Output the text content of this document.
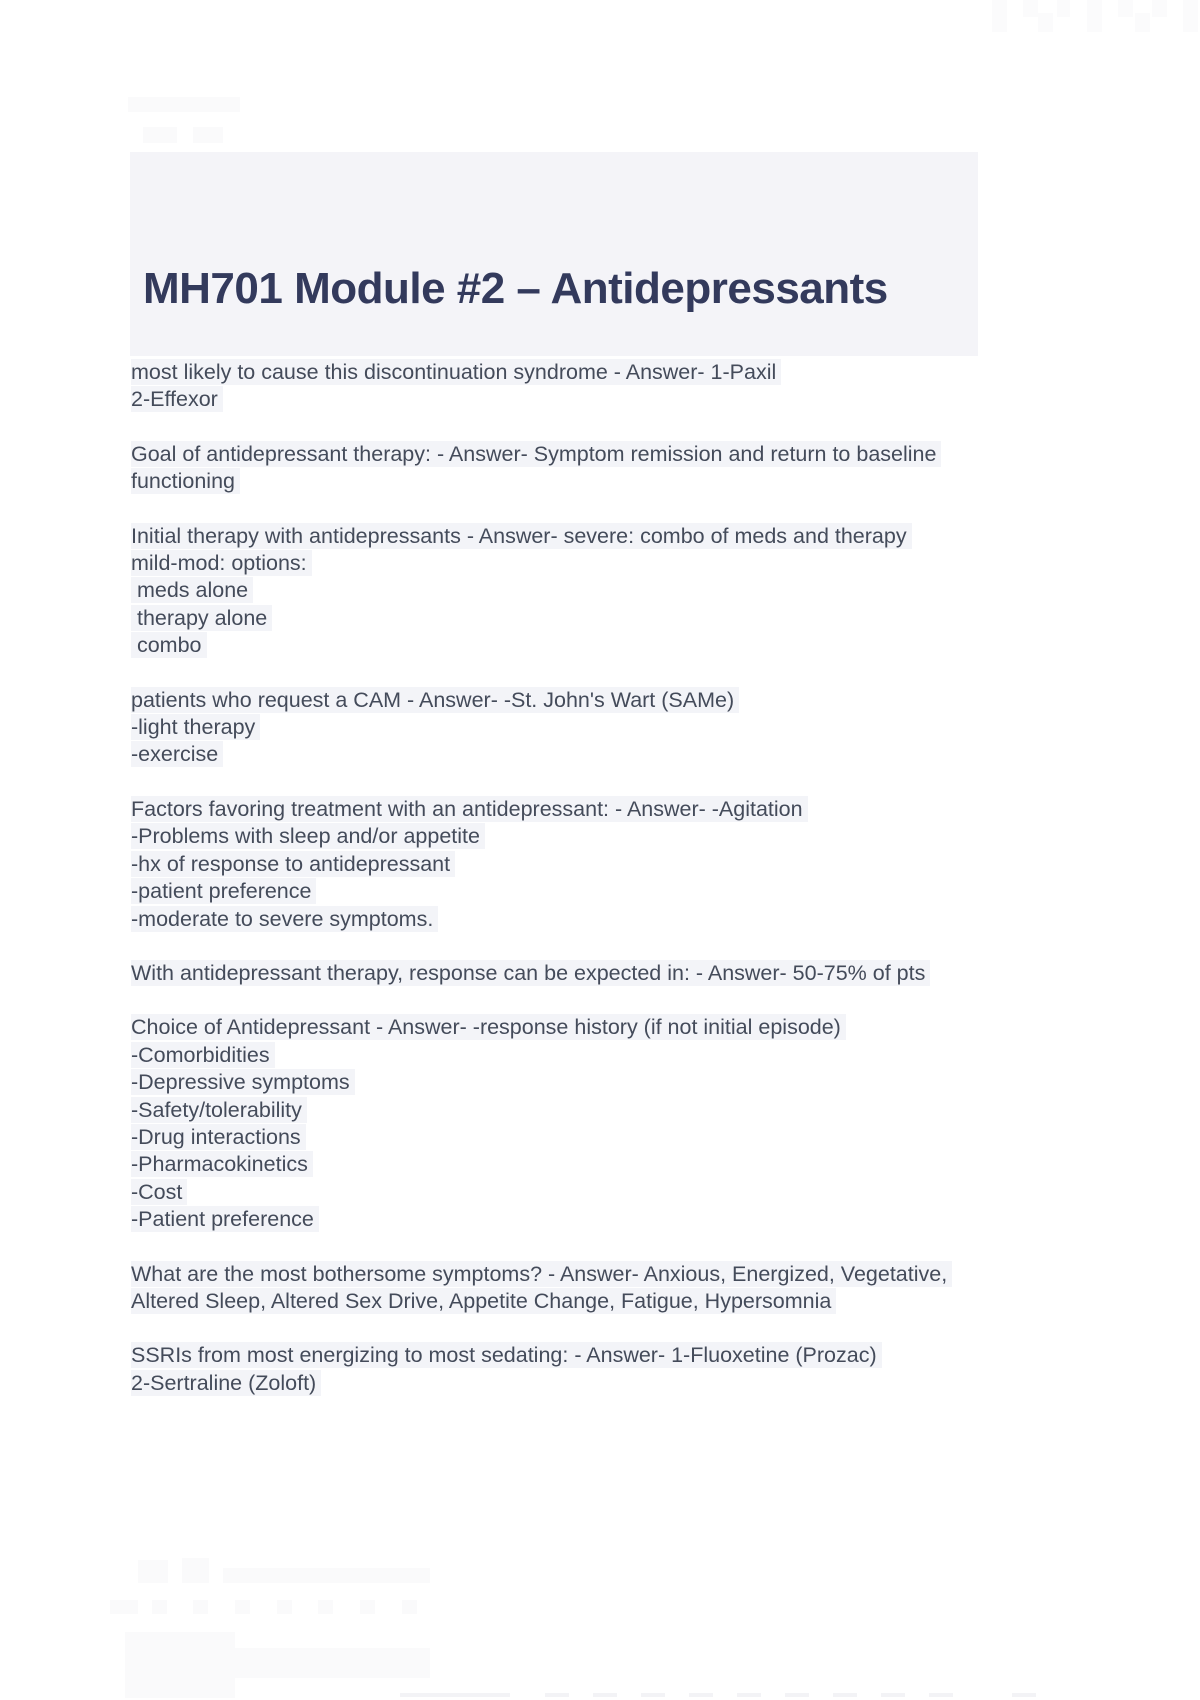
MH701 Module #2 – Antidepressants

most likely to cause this discontinuation syndrome - Answer- 1-Paxil
2-Effexor

Goal of antidepressant therapy: - Answer- Symptom remission and return to baseline
functioning

Initial therapy with antidepressants - Answer- severe: combo of meds and therapy
mild-mod: options:
meds alone
therapy alone
combo

patients who request a CAM - Answer- -St. John's Wart (SAMe)
-light therapy
-exercise

Factors favoring treatment with an antidepressant: - Answer- -Agitation
-Problems with sleep and/or appetite
-hx of response to antidepressant
-patient preference
-moderate to severe symptoms.

With antidepressant therapy, response can be expected in: - Answer- 50-75% of pts

Choice of Antidepressant - Answer- -response history (if not initial episode)
-Comorbidities
-Depressive symptoms
-Safety/tolerability
-Drug interactions
-Pharmacokinetics
-Cost
-Patient preference

What are the most bothersome symptoms? - Answer- Anxious, Energized, Vegetative,
Altered Sleep, Altered Sex Drive, Appetite Change, Fatigue, Hypersomnia

SSRIs from most energizing to most sedating: - Answer- 1-Fluoxetine (Prozac)
2-Sertraline (Zoloft)
